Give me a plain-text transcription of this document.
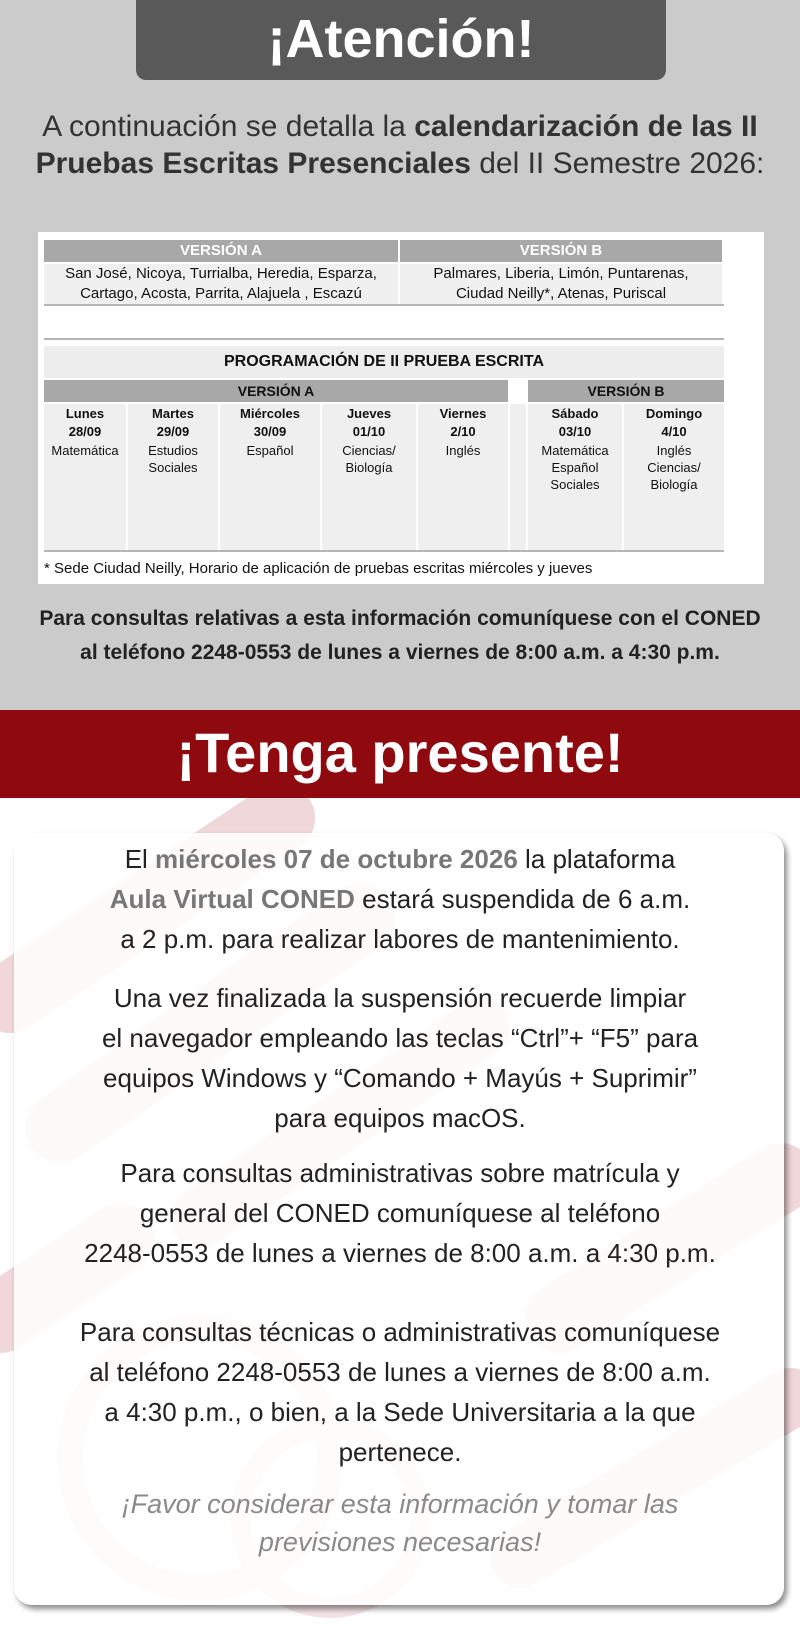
¡Atención!
A continuación se detalla la calendarización de las II Pruebas Escritas Presenciales del II Semestre 2026:
VERSIÓN A	VERSIÓN B
San José, Nicoya, Turrialba, Heredia, Esparza,
Cartago, Acosta, Parrita, Alajuela , Escazú
Palmares, Liberia, Limón, Puntarenas,
Ciudad Neilly*, Atenas, Puriscal
PROGRAMACIÓN DE II PRUEBA ESCRITA
VERSIÓN A	VERSIÓN B
Lunes
28/09
Matemática
Martes
29/09
Estudios
Sociales
Miércoles
30/09
Español
Jueves
01/10
Ciencias/
Biología
Viernes
2/10
Inglés
Sábado
03/10
Matemática
Español
Sociales
Domingo
4/10
Inglés
Ciencias/
Biología
* Sede Ciudad Neilly, Horario de aplicación de pruebas escritas miércoles y jueves
Para consultas relativas a esta información comuníquese con el CONED
al teléfono 2248-0553 de lunes a viernes de 8:00 a.m. a 4:30 p.m.
¡Tenga presente!
El miércoles 07 de octubre 2026 la plataforma
Aula Virtual CONED estará suspendida de 6 a.m.
a 2 p.m. para realizar labores de mantenimiento.
Una vez finalizada la suspensión recuerde limpiar
el navegador empleando las teclas “Ctrl”+ “F5” para
equipos Windows y “Comando + Mayús + Suprimir”
para equipos macOS.
Para consultas administrativas sobre matrícula y
general del CONED comuníquese al teléfono
2248-0553 de lunes a viernes de 8:00 a.m. a 4:30 p.m.
Para consultas técnicas o administrativas comuníquese
al teléfono 2248-0553 de lunes a viernes de 8:00 a.m.
a 4:30 p.m., o bien, a la Sede Universitaria a la que
pertenece.
¡Favor considerar esta información y tomar las
previsiones necesarias!
